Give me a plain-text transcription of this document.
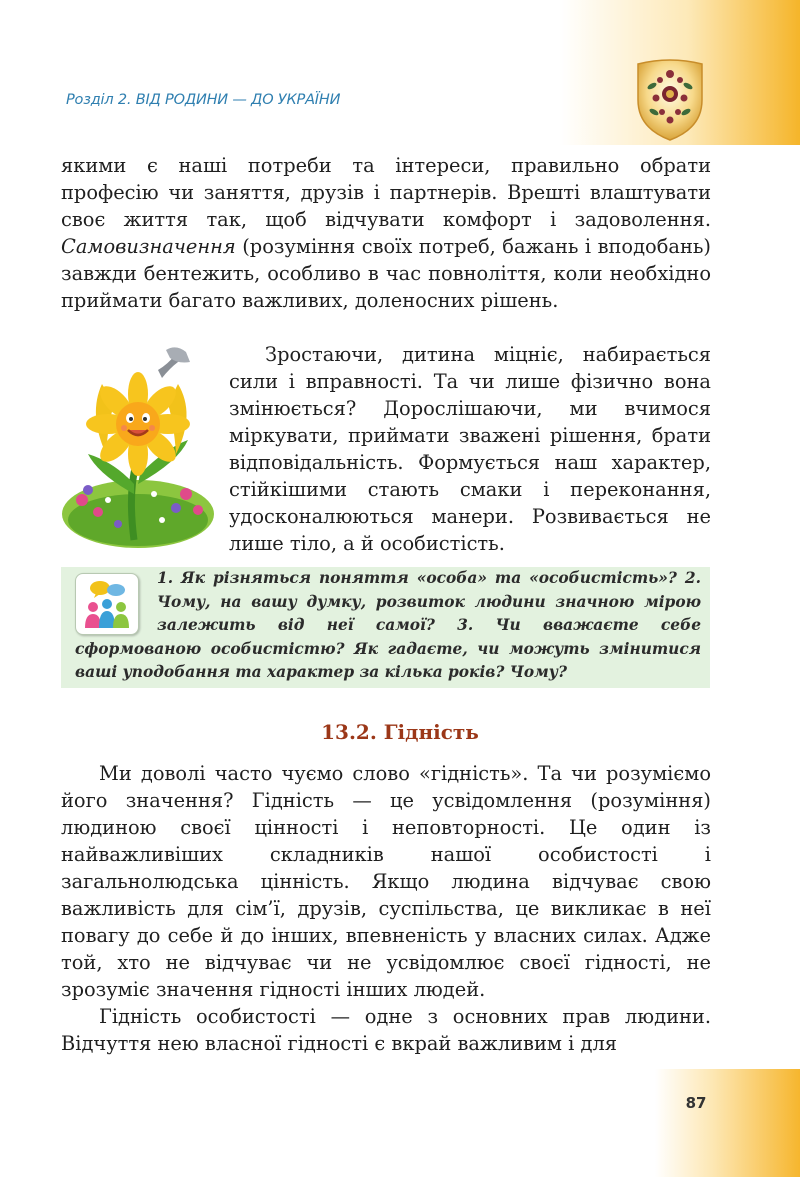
Розділ 2. ВІД РОДИНИ — ДО УКРАЇНИ

якими є наші потреби та інтереси, правильно обрати професію чи заняття, друзів і партнерів. Врешті влаштувати своє життя так, щоб відчувати комфорт і задоволення. Самовизначення (розуміння своїх потреб, бажань і вподобань) завжди бентежить, особливо в час повноліття, коли необхідно приймати багато важливих, доленосних рішень.

Зростаючи, дитина міцніє, набирається сили і вправності. Та чи лише фізично вона змінюється? Дорослішаючи, ми вчимося міркувати, приймати зважені рішення, брати відповідальність. Формується наш характер, стійкішими стають смаки і переконання, удосконалюються манери. Розвивається не лише тіло, а й особистість.

1. Як різняться поняття «особа» та «особистість»? 2. Чому, на вашу думку, розвиток людини значною мірою залежить від неї самої? 3. Чи вважаєте себе сформованою особистістю? Як гадаєте, чи можуть змінитися ваші уподобання та характер за кілька років? Чому?

13.2. Гідність

Ми доволі часто чуємо слово «гідність». Та чи розуміємо його значення? Гідність — це усвідомлення (розуміння) людиною своєї цінності і неповторності. Це один із найважливіших складників нашої особистості і загальнолюдська цінність. Якщо людина відчуває свою важливість для сім’ї, друзів, суспільства, це викликає в неї повагу до себе й до інших, впевненість у власних силах. Адже той, хто не відчуває чи не усвідомлює своєї гідності, не зрозуміє значення гідності інших людей.

Гідність особистості — одне з основних прав людини. Відчуття нею власної гідності є вкрай важливим і для

87
